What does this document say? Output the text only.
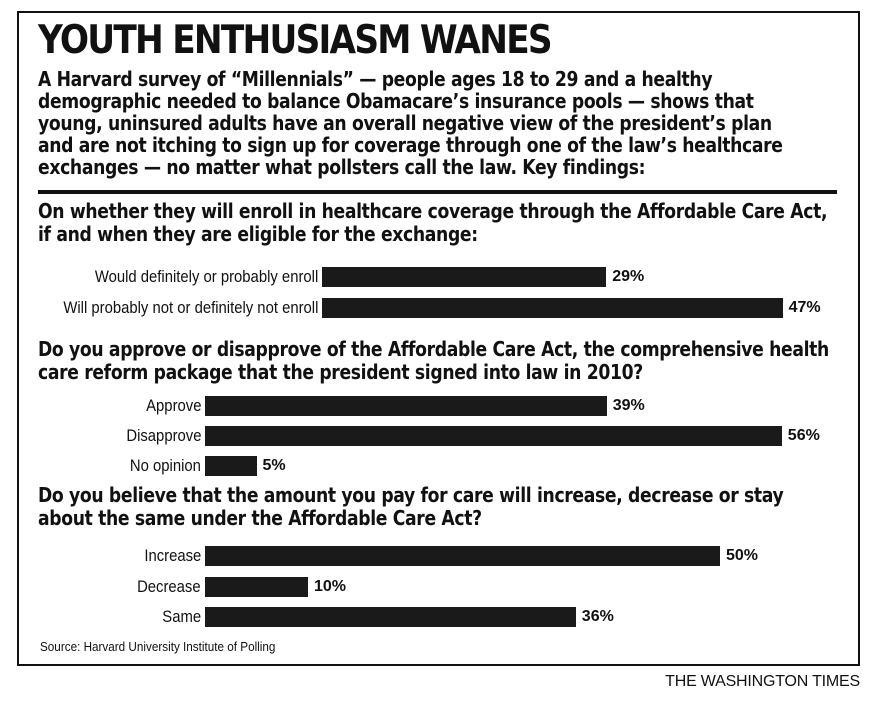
YOUTH ENTHUSIASM WANES
A Harvard survey of “Millennials” — people ages 18 to 29 and a healthy demographic needed to balance Obamacare’s insurance pools — shows that young, uninsured adults have an overall negative view of the president’s plan and are not itching to sign up for coverage through one of the law’s healthcare exchanges — no matter what pollsters call the law. Key findings:
On whether they will enroll in healthcare coverage through the Affordable Care Act, if and when they are eligible for the exchange:
Would definitely or probably enroll	29%
Will probably not or definitely not enroll	47%
Do you approve or disapprove of the Affordable Care Act, the comprehensive health care reform package that the president signed into law in 2010?
Approve	39%
Disapprove	56%
No opinion	5%
Do you believe that the amount you pay for care will increase, decrease or stay about the same under the Affordable Care Act?
Increase	50%
Decrease	10%
Same	36%
Source: Harvard University Institute of Polling
THE WASHINGTON TIMES
